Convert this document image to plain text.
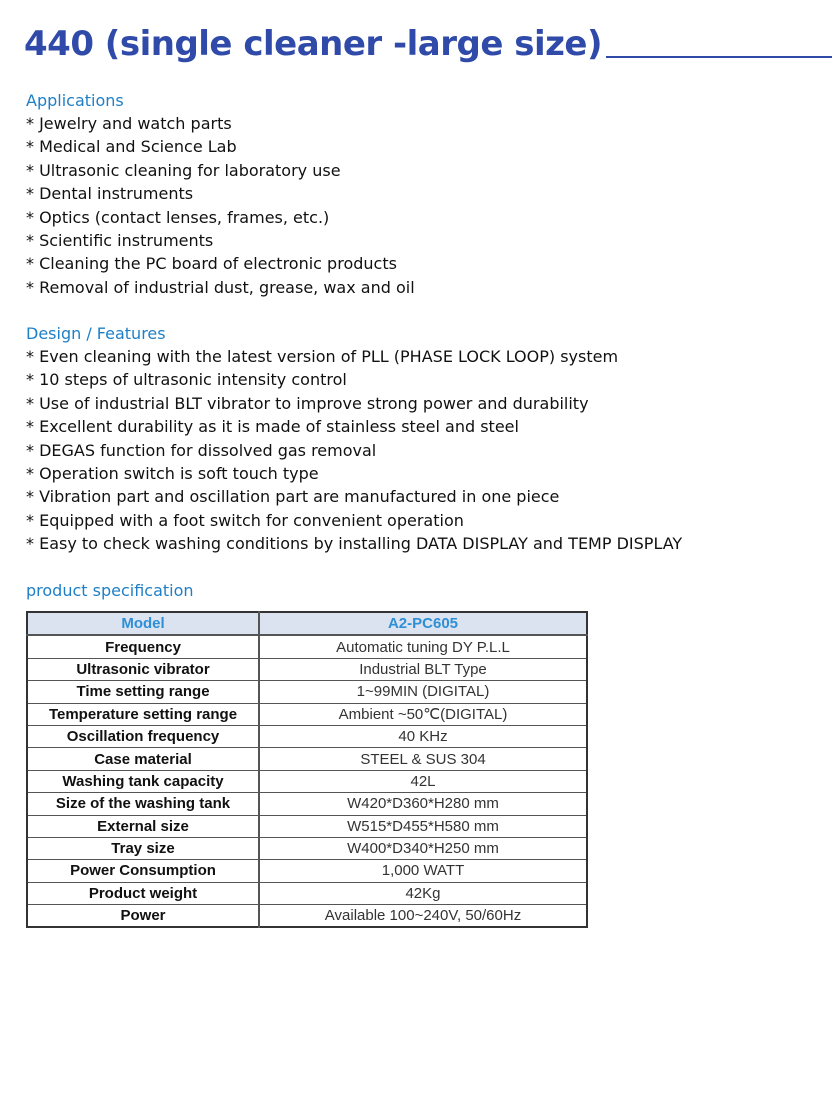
440 (single cleaner -large size)
Applications
* Jewelry and watch parts
* Medical and Science Lab
* Ultrasonic cleaning for laboratory use
* Dental instruments
* Optics (contact lenses, frames, etc.)
* Scientific instruments
* Cleaning the PC board of electronic products
* Removal of industrial dust, grease, wax and oil
Design / Features
* Even cleaning with the latest version of PLL (PHASE LOCK LOOP) system
* 10 steps of ultrasonic intensity control
* Use of industrial BLT vibrator to improve strong power and durability
* Excellent durability as it is made of stainless steel and steel
* DEGAS function for dissolved gas removal
* Operation switch is soft touch type
* Vibration part and oscillation part are manufactured in one piece
* Equipped with a foot switch for convenient operation
* Easy to check washing conditions by installing DATA DISPLAY and TEMP DISPLAY
product specification
Model	A2-PC605
Frequency	Automatic tuning DY P.L.L
Ultrasonic vibrator	Industrial BLT Type
Time setting range	1~99MIN (DIGITAL)
Temperature setting range	Ambient ~50℃(DIGITAL)
Oscillation frequency	40 KHz
Case material	STEEL & SUS 304
Washing tank capacity	42L
Size of the washing tank	W420*D360*H280 mm
External size	W515*D455*H580 mm
Tray size	W400*D340*H250 mm
Power Consumption	1,000 WATT
Product weight	42Kg
Power	Available 100~240V, 50/60Hz
